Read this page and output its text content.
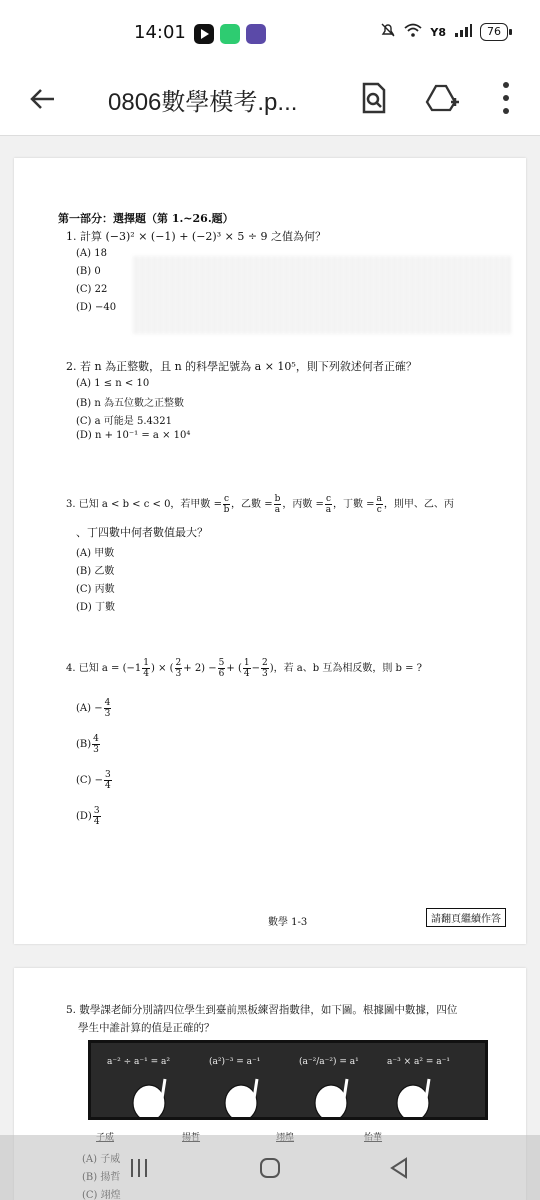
14:01	Y8	76
0806數學模考.p...
第一部分：選擇題（第 1.~26.題）
1. 計算 (−3)² × (−1) + (−2)³ × 5 ÷ 9 之值為何？
(A) 18
(B) 0
(C) 22
(D) −40
2. 若 n 為正整數，且 n 的科學記號為 a × 10⁵，則下列敘述何者正確？
(A) 1 ≤ n < 10
(B) n 為五位數之正整數
(C) a 可能是 5.4321
(D) n + 10⁻¹ = a × 10⁴
3. 已知 a < b < c < 0，若甲數 = $\frac{c}{b}$ ，乙數 = $\frac{b}{a}$ ，丙數 = $\frac{c}{a}$ ，丁數 = $\frac{a}{c}$ ，則甲、乙、丙
、丁四數中何者數值最大？
(A) 甲數
(B) 乙數
(C) 丙數
(D) 丁數
4. 已知 $a = (-1 \frac{1}{4}$ ) × ( $\frac{2}{3} + 2) - \frac{5}{6}$ + ( $\frac{1}{4} - \frac{2}{3}$ )，若 a、b 互為相反數，則 b = ?
$(A) - \frac{4}{3}$
$(B) \frac{4}{3}$
$(C) - \frac{3}{4}$
$(D) \frac{3}{4}$
數學 1-3	請翻頁繼續作答
5. 數學課老師分別請四位學生到臺前黑板練習指數律，如下圖。根據圖中數據，四位
學生中誰計算的值是正確的？
a⁻² ÷ a⁻¹ = a²	(a²)⁻³ = a⁻¹	(a⁻²/a⁻²) = a¹	a⁻³ × a² = a⁻¹
